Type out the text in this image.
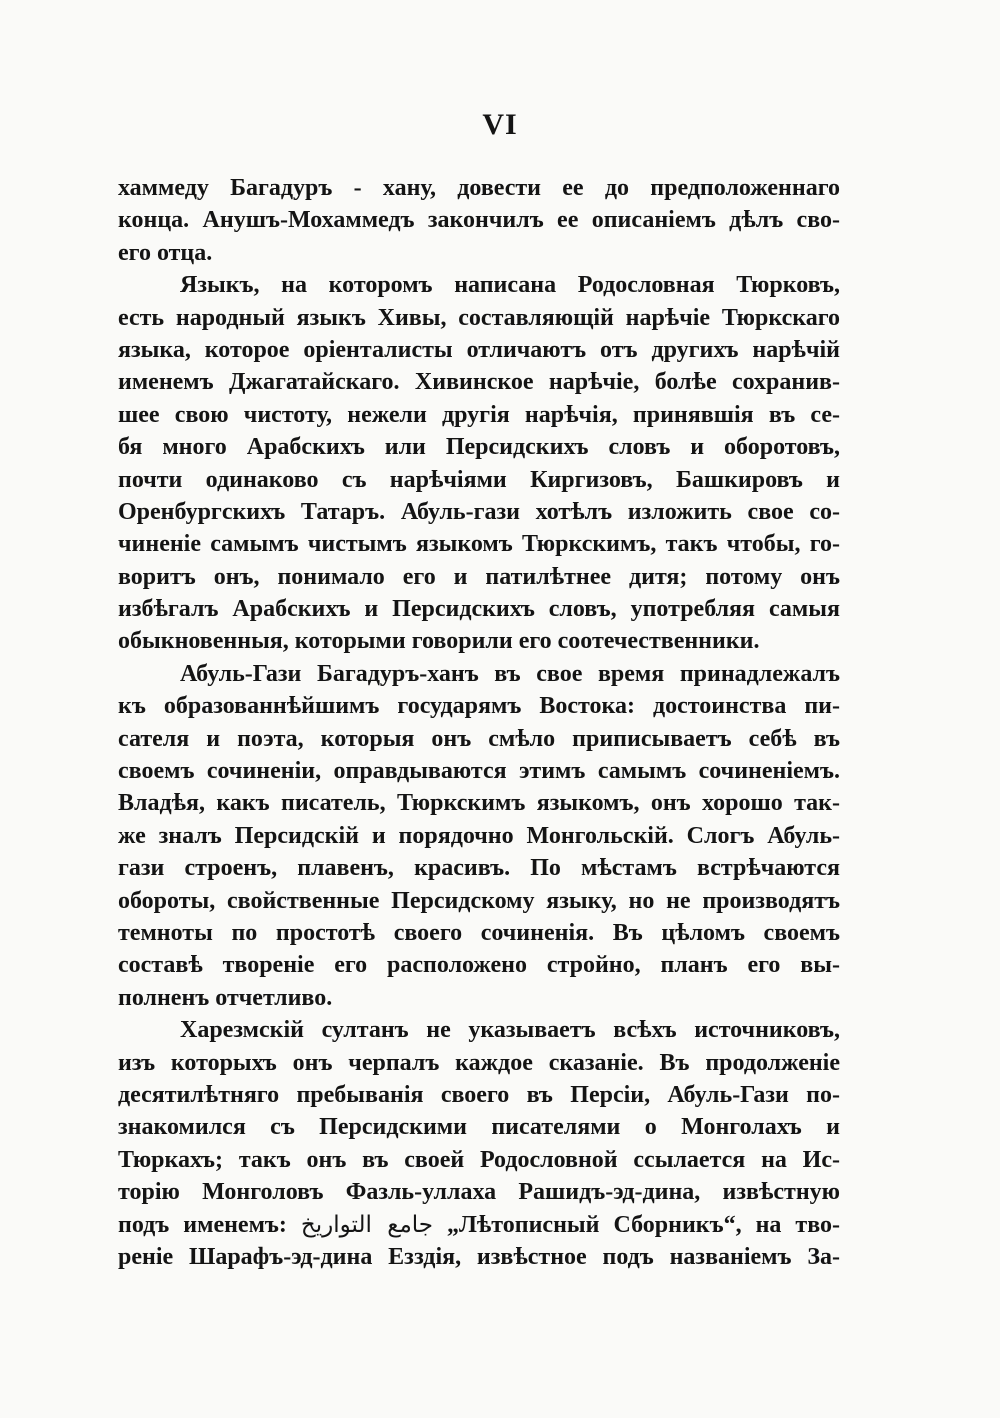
VI
хаммеду Багадуръ - хану, довести ее до предположеннаго
конца. Анушъ-Мохаммедъ закончилъ ее описаніемъ дѣлъ сво-
его отца.
Языкъ, на которомъ написана Родословная Тюрковъ,
есть народный языкъ Хивы, составляющій нарѣчіе Тюркскаго
языка, которое оріенталисты отличаютъ отъ другихъ нарѣчій
именемъ Джагатайскаго. Хивинское нарѣчіе, болѣе сохранив-
шее свою чистоту, нежели другія нарѣчія, принявшія въ се-
бя много Арабскихъ или Персидскихъ словъ и оборотовъ,
почти одинаково съ нарѣчіями Киргизовъ, Башкировъ и
Оренбургскихъ Татаръ. Абуль-гази хотѣлъ изложить свое со-
чиненіе самымъ чистымъ языкомъ Тюркскимъ, такъ чтобы, го-
воритъ онъ, понимало его и патилѣтнее дитя; потому онъ
избѣгалъ Арабскихъ и Персидскихъ словъ, употребляя самыя
обыкновенныя, которыми говорили его соотечественники.
Абуль-Гази Багадуръ-ханъ въ свое время принадлежалъ
къ образованнѣйшимъ государямъ Востока: достоинства пи-
сателя и поэта, которыя онъ смѣло приписываетъ себѣ въ
своемъ сочиненіи, оправдываются этимъ самымъ сочиненіемъ.
Владѣя, какъ писатель, Тюркскимъ языкомъ, онъ хорошо так-
же зналъ Персидскій и порядочно Монгольскій. Слогъ Абуль-
гази строенъ, плавенъ, красивъ. По мѣстамъ встрѣчаются
обороты, свойственные Персидскому языку, но не производятъ
темноты по простотѣ своего сочиненія. Въ цѣломъ своемъ
составѣ твореніе его расположено стройно, планъ его вы-
полненъ отчетливо.
Харезмскій султанъ не указываетъ всѣхъ источниковъ,
изъ которыхъ онъ черпалъ каждое сказаніе. Въ продолженіе
десятилѣтняго пребыванія своего въ Персіи, Абуль-Гази по-
знакомился съ Персидскими писателями о Монголахъ и
Тюркахъ; такъ онъ въ своей Родословной ссылается на Ис-
торію Монголовъ Фазль-уллаха Рашидъ-эд-дина, извѣстную
подъ именемъ: جامع التواريخ „Лѣтописный Сборникъ“, на тво-
реніе Шарафъ-эд-дина Езздія, извѣстное подъ названіемъ За-
